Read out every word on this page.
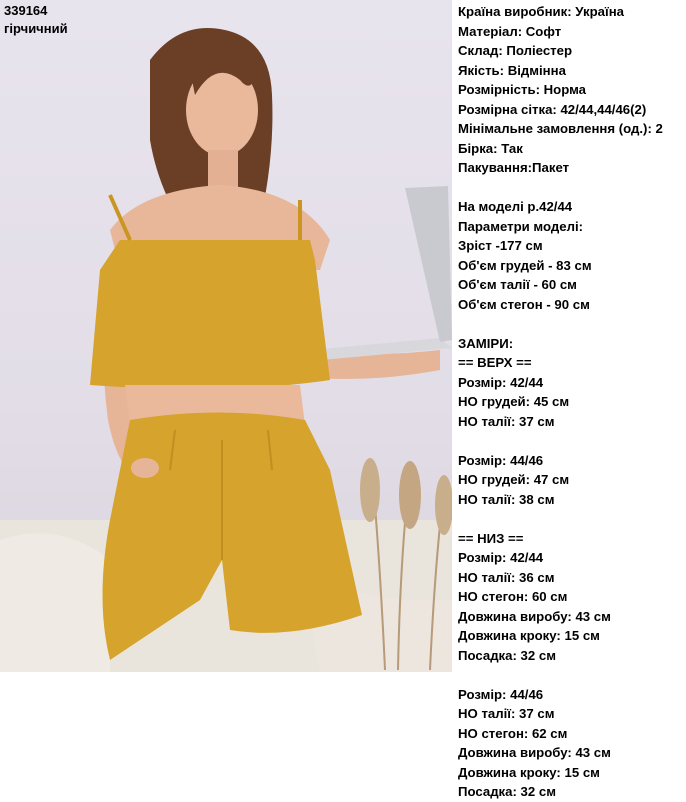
339164
гірчичний
Країна виробник: Україна
Матеріал: Софт
Склад: Поліестер
Якість: Відмінна
Розмірність: Норма
Розмірна сітка: 42/44,44/46(2)
Мінімальне замовлення (од.): 2
Бірка: Так
Пакування:Пакет
На моделі р.42/44
Параметри моделі:
Зріст -177 см
Об'єм грудей - 83 см
Об'єм талії - 60 см
Об'єм стегон - 90 см
ЗАМІРИ:
== ВЕРХ ==
Розмір: 42/44
НО грудей: 45 см
НО талії: 37 см
Розмір: 44/46
НО грудей: 47 см
НО талії: 38 см
== НИЗ ==
Розмір: 42/44
НО талії: 36 см
НО стегон: 60 см
Довжина виробу: 43 см
Довжина кроку: 15 см
Посадка: 32 см
Розмір: 44/46
НО талії: 37 см
НО стегон: 62 см
Довжина виробу: 43 см
Довжина кроку: 15 см
Посадка: 32 см
